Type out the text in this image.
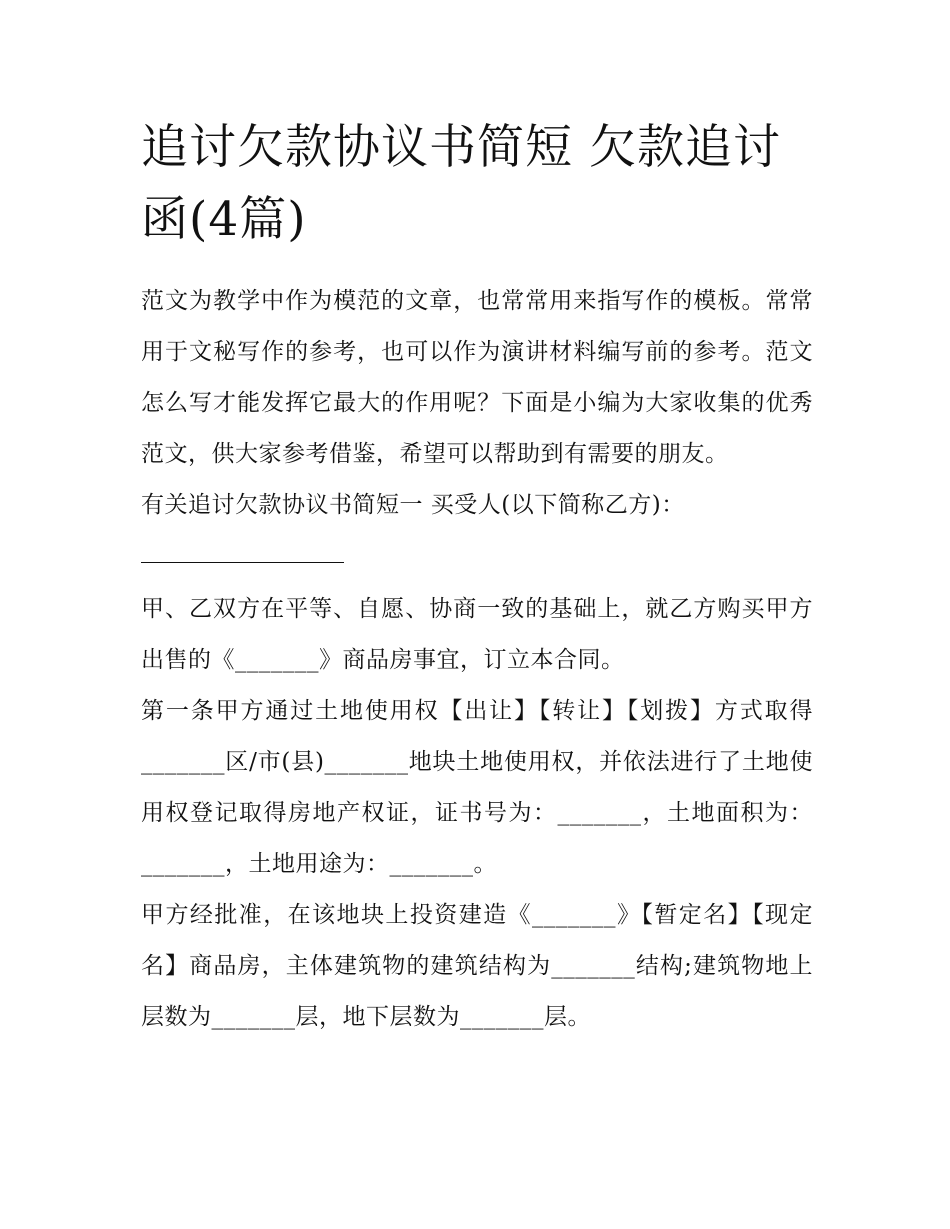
追讨欠款协议书简短 欠款追讨函(4篇)

范文为教学中作为模范的文章，也常常用来指写作的模板。常常用于文秘写作的参考，也可以作为演讲材料编写前的参考。范文怎么写才能发挥它最大的作用呢？下面是小编为大家收集的优秀范文，供大家参考借鉴，希望可以帮助到有需要的朋友。

有关追讨欠款协议书简短一 买受人(以下简称乙方)：

甲、乙双方在平等、自愿、协商一致的基础上，就乙方购买甲方出售的《_______》商品房事宜，订立本合同。

第一条甲方通过土地使用权【出让】【转让】【划拨】方式取得_______区/市(县)_______地块土地使用权，并依法进行了土地使用权登记取得房地产权证，证书号为：_______，土地面积为：_______，土地用途为：_______。

甲方经批准，在该地块上投资建造《_______》【暂定名】【现定名】商品房，主体建筑物的建筑结构为_______结构;建筑物地上层数为_______层，地下层数为_______层。
